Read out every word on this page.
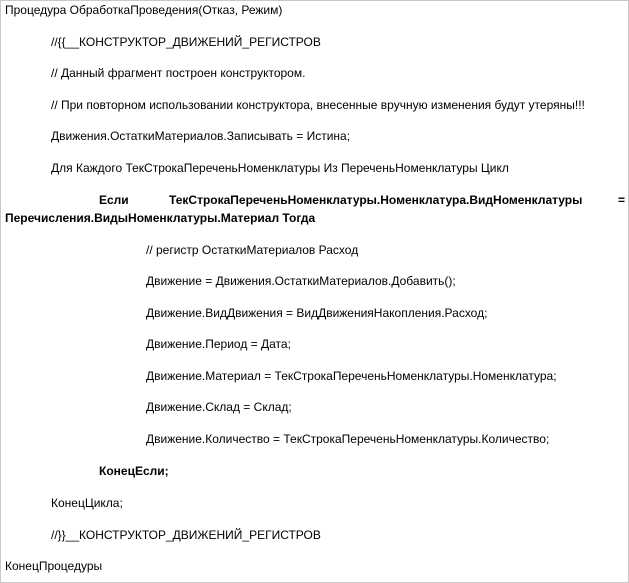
Процедура ОбработкаПроведения(Отказ, Режим)
//{{__КОНСТРУКТОР_ДВИЖЕНИЙ_РЕГИСТРОВ
// Данный фрагмент построен конструктором.
// При повторном использовании конструктора, внесенные вручную изменения будут утеряны!!!
Движения.ОстаткиМатериалов.Записывать = Истина;
Для Каждого ТекСтрокаПереченьНоменклатуры Из ПереченьНоменклатуры Цикл
Если	ТекСтрокаПереченьНоменклатуры.Номенклатура.ВидНоменклатуры	=
Перечисления.ВидыНоменклатуры.Материал Тогда
// регистр ОстаткиМатериалов Расход
Движение = Движения.ОстаткиМатериалов.Добавить();
Движение.ВидДвижения = ВидДвиженияНакопления.Расход;
Движение.Период = Дата;
Движение.Материал = ТекСтрокаПереченьНоменклатуры.Номенклатура;
Движение.Склад = Склад;
Движение.Количество = ТекСтрокаПереченьНоменклатуры.Количество;
КонецЕсли;
КонецЦикла;
//}}__КОНСТРУКТОР_ДВИЖЕНИЙ_РЕГИСТРОВ
КонецПроцедуры
